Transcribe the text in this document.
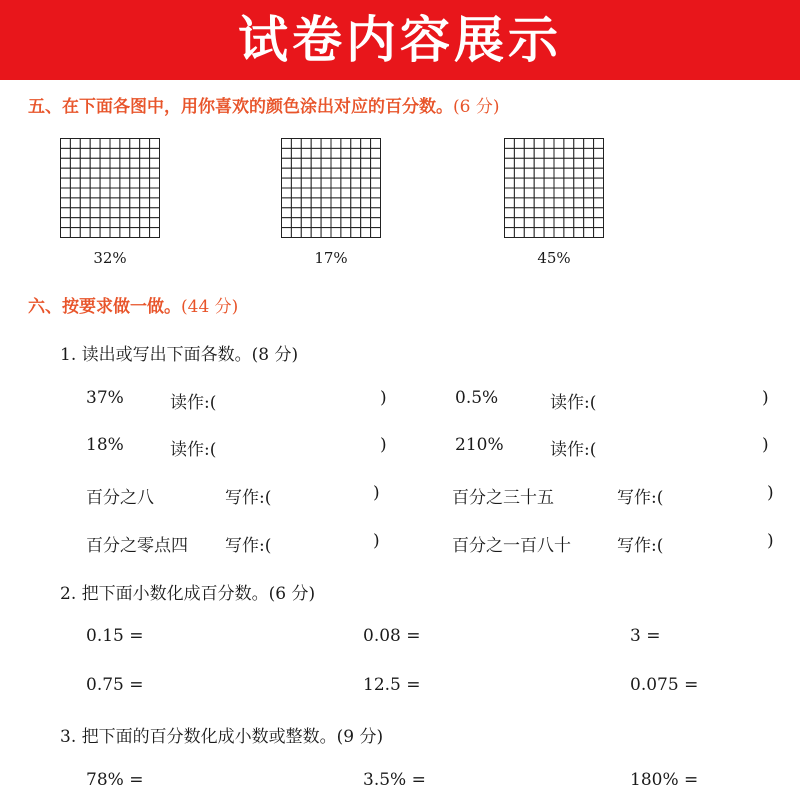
试卷内容展示
五、在下面各图中，用你喜欢的颜色涂出对应的百分数。(6 分)
32%	17%	45%
六、按要求做一做。(44 分)
1. 读出或写出下面各数。(8 分)
37%	读作:(	)	0.5%	读作:(	)
18%	读作:(	)	210%	读作:(	)
百分之八	写作:(	)	百分之三十五	写作:(	)
百分之零点四 写作:(	)	百分之一百八十	写作:(	)
2. 把下面小数化成百分数。(6 分)
0.15 =	0.08 =	3 =
0.75 =	12.5 =	0.075 =
3. 把下面的百分数化成小数或整数。(9 分)
78% =	3.5% =	180% =
